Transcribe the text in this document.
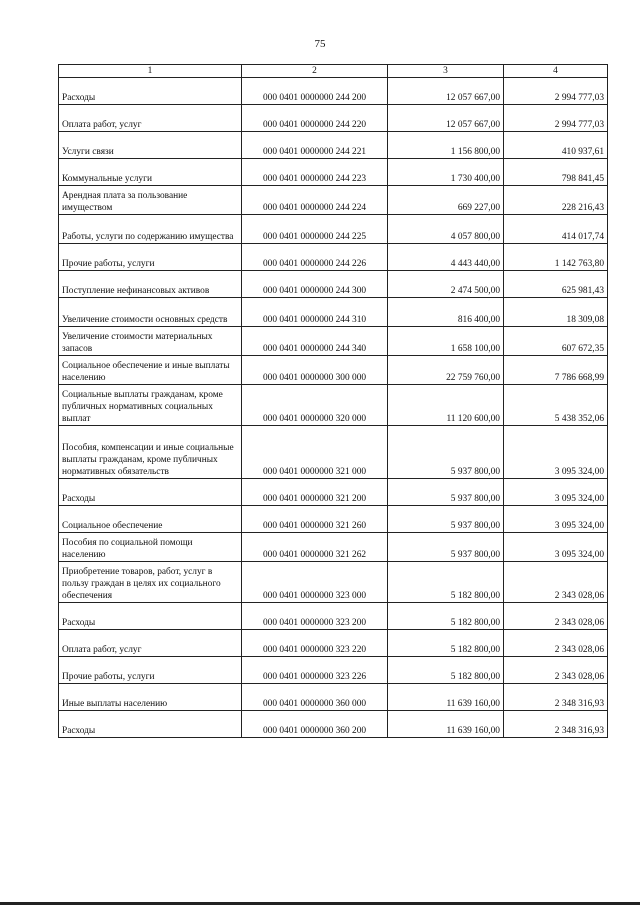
75
1	2	3	4
Расходы	000 0401 0000000 244 200	12 057 667,00	2 994 777,03
Оплата работ, услуг	000 0401 0000000 244 220	12 057 667,00	2 994 777,03
Услуги связи	000 0401 0000000 244 221	1 156 800,00	410 937,61
Коммунальные услуги	000 0401 0000000 244 223	1 730 400,00	798 841,45
Арендная плата за пользование имуществом	000 0401 0000000 244 224	669 227,00	228 216,43
Работы, услуги по содержанию имущества	000 0401 0000000 244 225	4 057 800,00	414 017,74
Прочие работы, услуги	000 0401 0000000 244 226	4 443 440,00	1 142 763,80
Поступление нефинансовых активов	000 0401 0000000 244 300	2 474 500,00	625 981,43
Увеличение стоимости основных средств	000 0401 0000000 244 310	816 400,00	18 309,08
Увеличение стоимости материальных запасов	000 0401 0000000 244 340	1 658 100,00	607 672,35
Социальное обеспечение и иные выплаты населению	000 0401 0000000 300 000	22 759 760,00	7 786 668,99
Социальные выплаты гражданам, кроме публичных нормативных социальных выплат	000 0401 0000000 320 000	11 120 600,00	5 438 352,06
Пособия, компенсации и иные социальные выплаты гражданам, кроме публичных нормативных обязательств	000 0401 0000000 321 000	5 937 800,00	3 095 324,00
Расходы	000 0401 0000000 321 200	5 937 800,00	3 095 324,00
Социальное обеспечение	000 0401 0000000 321 260	5 937 800,00	3 095 324,00
Пособия по социальной помощи населению	000 0401 0000000 321 262	5 937 800,00	3 095 324,00
Приобретение товаров, работ, услуг в пользу граждан в целях их социального обеспечения	000 0401 0000000 323 000	5 182 800,00	2 343 028,06
Расходы	000 0401 0000000 323 200	5 182 800,00	2 343 028,06
Оплата работ, услуг	000 0401 0000000 323 220	5 182 800,00	2 343 028,06
Прочие работы, услуги	000 0401 0000000 323 226	5 182 800,00	2 343 028,06
Иные выплаты населению	000 0401 0000000 360 000	11 639 160,00	2 348 316,93
Расходы	000 0401 0000000 360 200	11 639 160,00	2 348 316,93
